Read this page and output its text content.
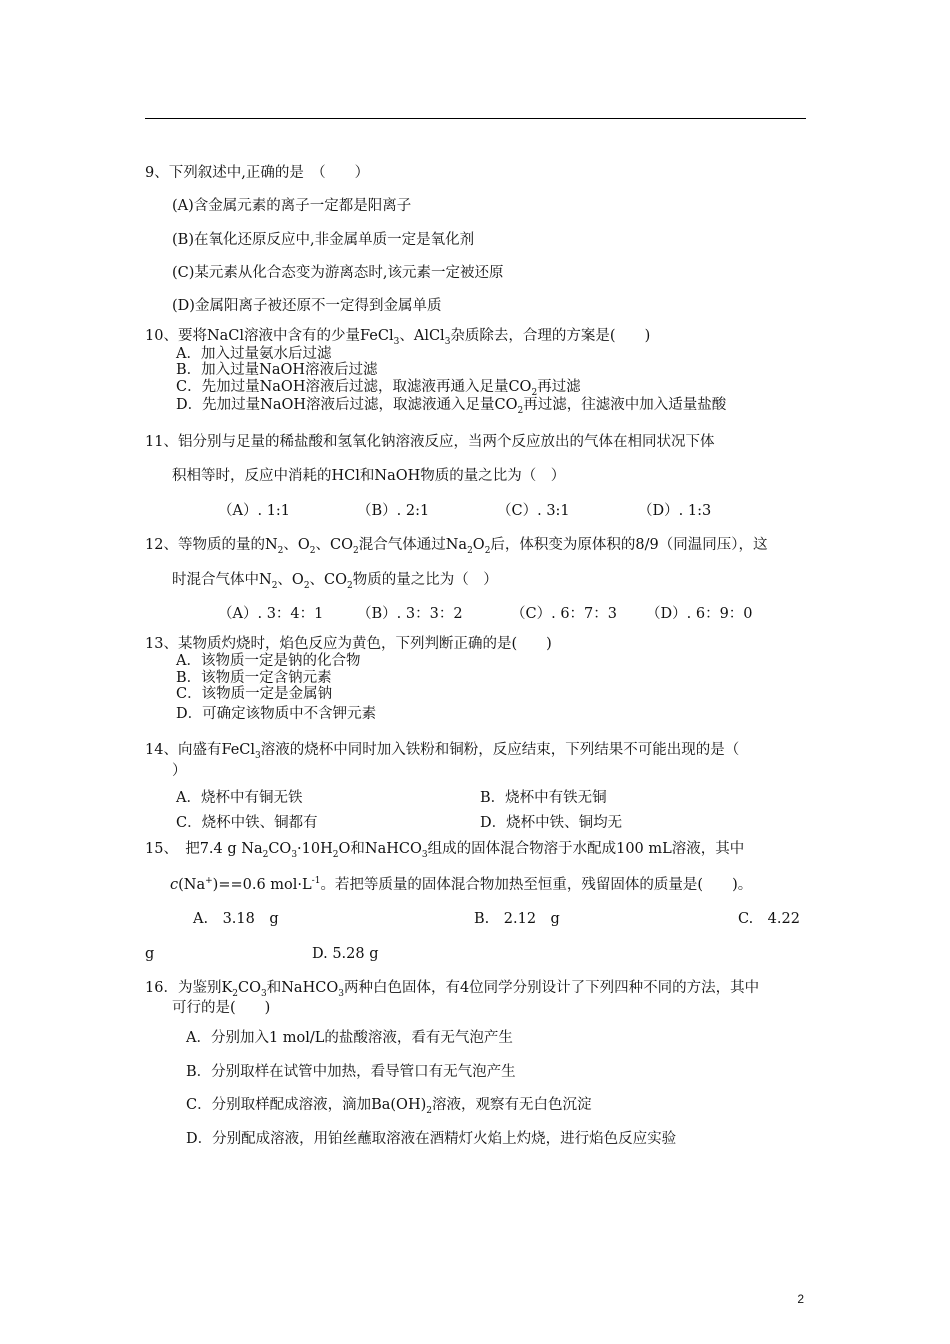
9、下列叙述中,正确的是　（　　）
(A)含金属元素的离子一定都是阳离子
(B)在氧化还原反应中,非金属单质一定是氧化剂
(C)某元素从化合态变为游离态时,该元素一定被还原
(D)金属阳离子被还原不一定得到金属单质
10、要将NaCl溶液中含有的少量FeCl$_3$、AlCl$_3$杂质除去，合理的方案是(　　)
A．加入过量氨水后过滤
B．加入过量NaOH溶液后过滤
C．先加过量NaOH溶液后过滤，取滤液再通入足量$CO_2$再过滤
D．先加过量NaOH溶液后过滤，取滤液通入足量$CO_2$再过滤，往滤液中加入适量盐酸
11、铝分别与足量的稀盐酸和氢氧化钠溶液反应，当两个反应放出的气体在相同状况下体
积相等时，反应中消耗的HCl和NaOH物质的量之比为（　）
（A）. 1:1	（B）. 2:1	（C）. 3:1	（D）. 1:3
12、等物质的量的$N_2$、$O_2$、$CO_2$混合气体通过$Na_2O_2$后，体积变为原体积的8/9（同温同压），这
时混合气体中$N_2$、$O_2$、$CO_2$物质的量之比为（　）
（A）. 3：4：1 （B）. 3：3：2	（C）. 6：7：3 （D）. 6：9：0
13、某物质灼烧时，焰色反应为黄色，下列判断正确的是(　　)
A．该物质一定是钠的化合物
B．该物质一定含钠元素
C．该物质一定是金属钠
D．可确定该物质中不含钾元素
14、向盛有FeCl$_3$溶液的烧杯中同时加入铁粉和铜粉，反应结束，下列结果不可能出现的是（
）
A．烧杯中有铜无铁	B．烧杯中有铁无铜
C．烧杯中铁、铜都有	D．烧杯中铁、铜均无
15、　把7.4 g $Na_2CO_3\cdot 10H_2O$和NaHCO$_3$组成的固体混合物溶于水配成100 mL溶液，其中
c(Na+)==0.6 $mol\cdot L^{-1}$。若把等质量的固体混合物加热至恒重，残留固体的质量是(　　)。
A.　3.18　g	B.　2.12　g	C.　4.22
g	D. 5.28 g
16．为鉴别$K_2CO_3$和NaHCO$_3$两种白色固体，有4位同学分别设计了下列四种不同的方法，其中
可行的是(　　)
A．分别加入1 mol/L的盐酸溶液，看有无气泡产生
B．分别取样在试管中加热，看导管口有无气泡产生
C．分别取样配成溶液，滴加$Ba(OH)_2$溶液，观察有无白色沉淀
D．分别配成溶液，用铂丝蘸取溶液在酒精灯火焰上灼烧，进行焰色反应实验
2
